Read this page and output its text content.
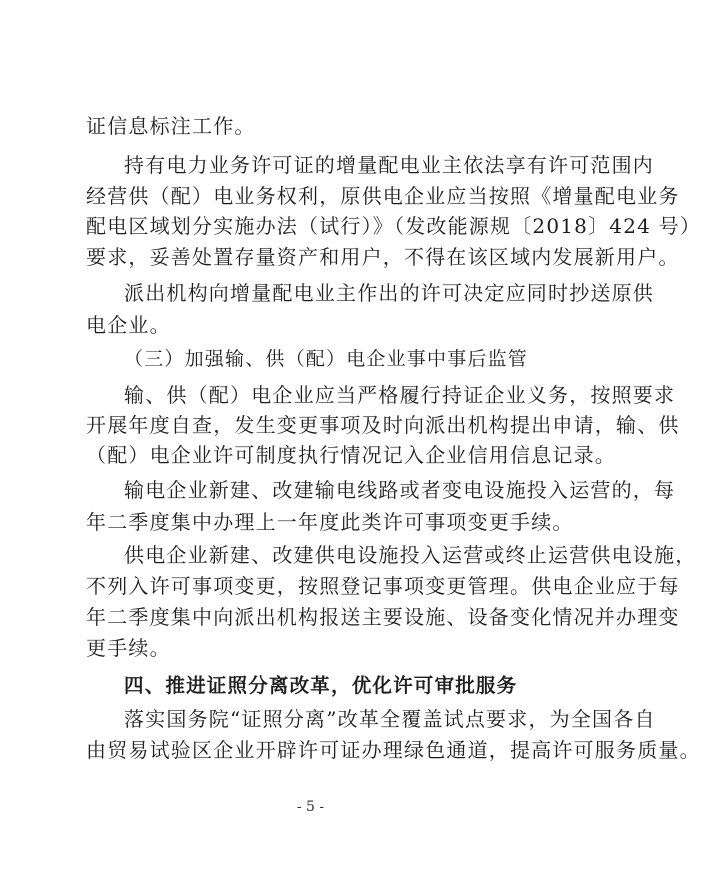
证信息标注工作。
持有电力业务许可证的增量配电业主依法享有许可范围内
经营供（配）电业务权利，原供电企业应当按照《增量配电业务
配电区域划分实施办法（试行）》（发改能源规〔2018〕424 号）
要求，妥善处置存量资产和用户，不得在该区域内发展新用户。
派出机构向增量配电业主作出的许可决定应同时抄送原供
电企业。
（三）加强输、供（配）电企业事中事后监管
输、供（配）电企业应当严格履行持证企业义务，按照要求
开展年度自查，发生变更事项及时向派出机构提出申请，输、供
（配）电企业许可制度执行情况记入企业信用信息记录。
输电企业新建、改建输电线路或者变电设施投入运营的，每
年二季度集中办理上一年度此类许可事项变更手续。
供电企业新建、改建供电设施投入运营或终止运营供电设施，
不列入许可事项变更，按照登记事项变更管理。供电企业应于每
年二季度集中向派出机构报送主要设施、设备变化情况并办理变
更手续。
四、推进证照分离改革，优化许可审批服务
落实国务院“证照分离”改革全覆盖试点要求，为全国各自
由贸易试验区企业开辟许可证办理绿色通道，提高许可服务质量。
- 5 -
